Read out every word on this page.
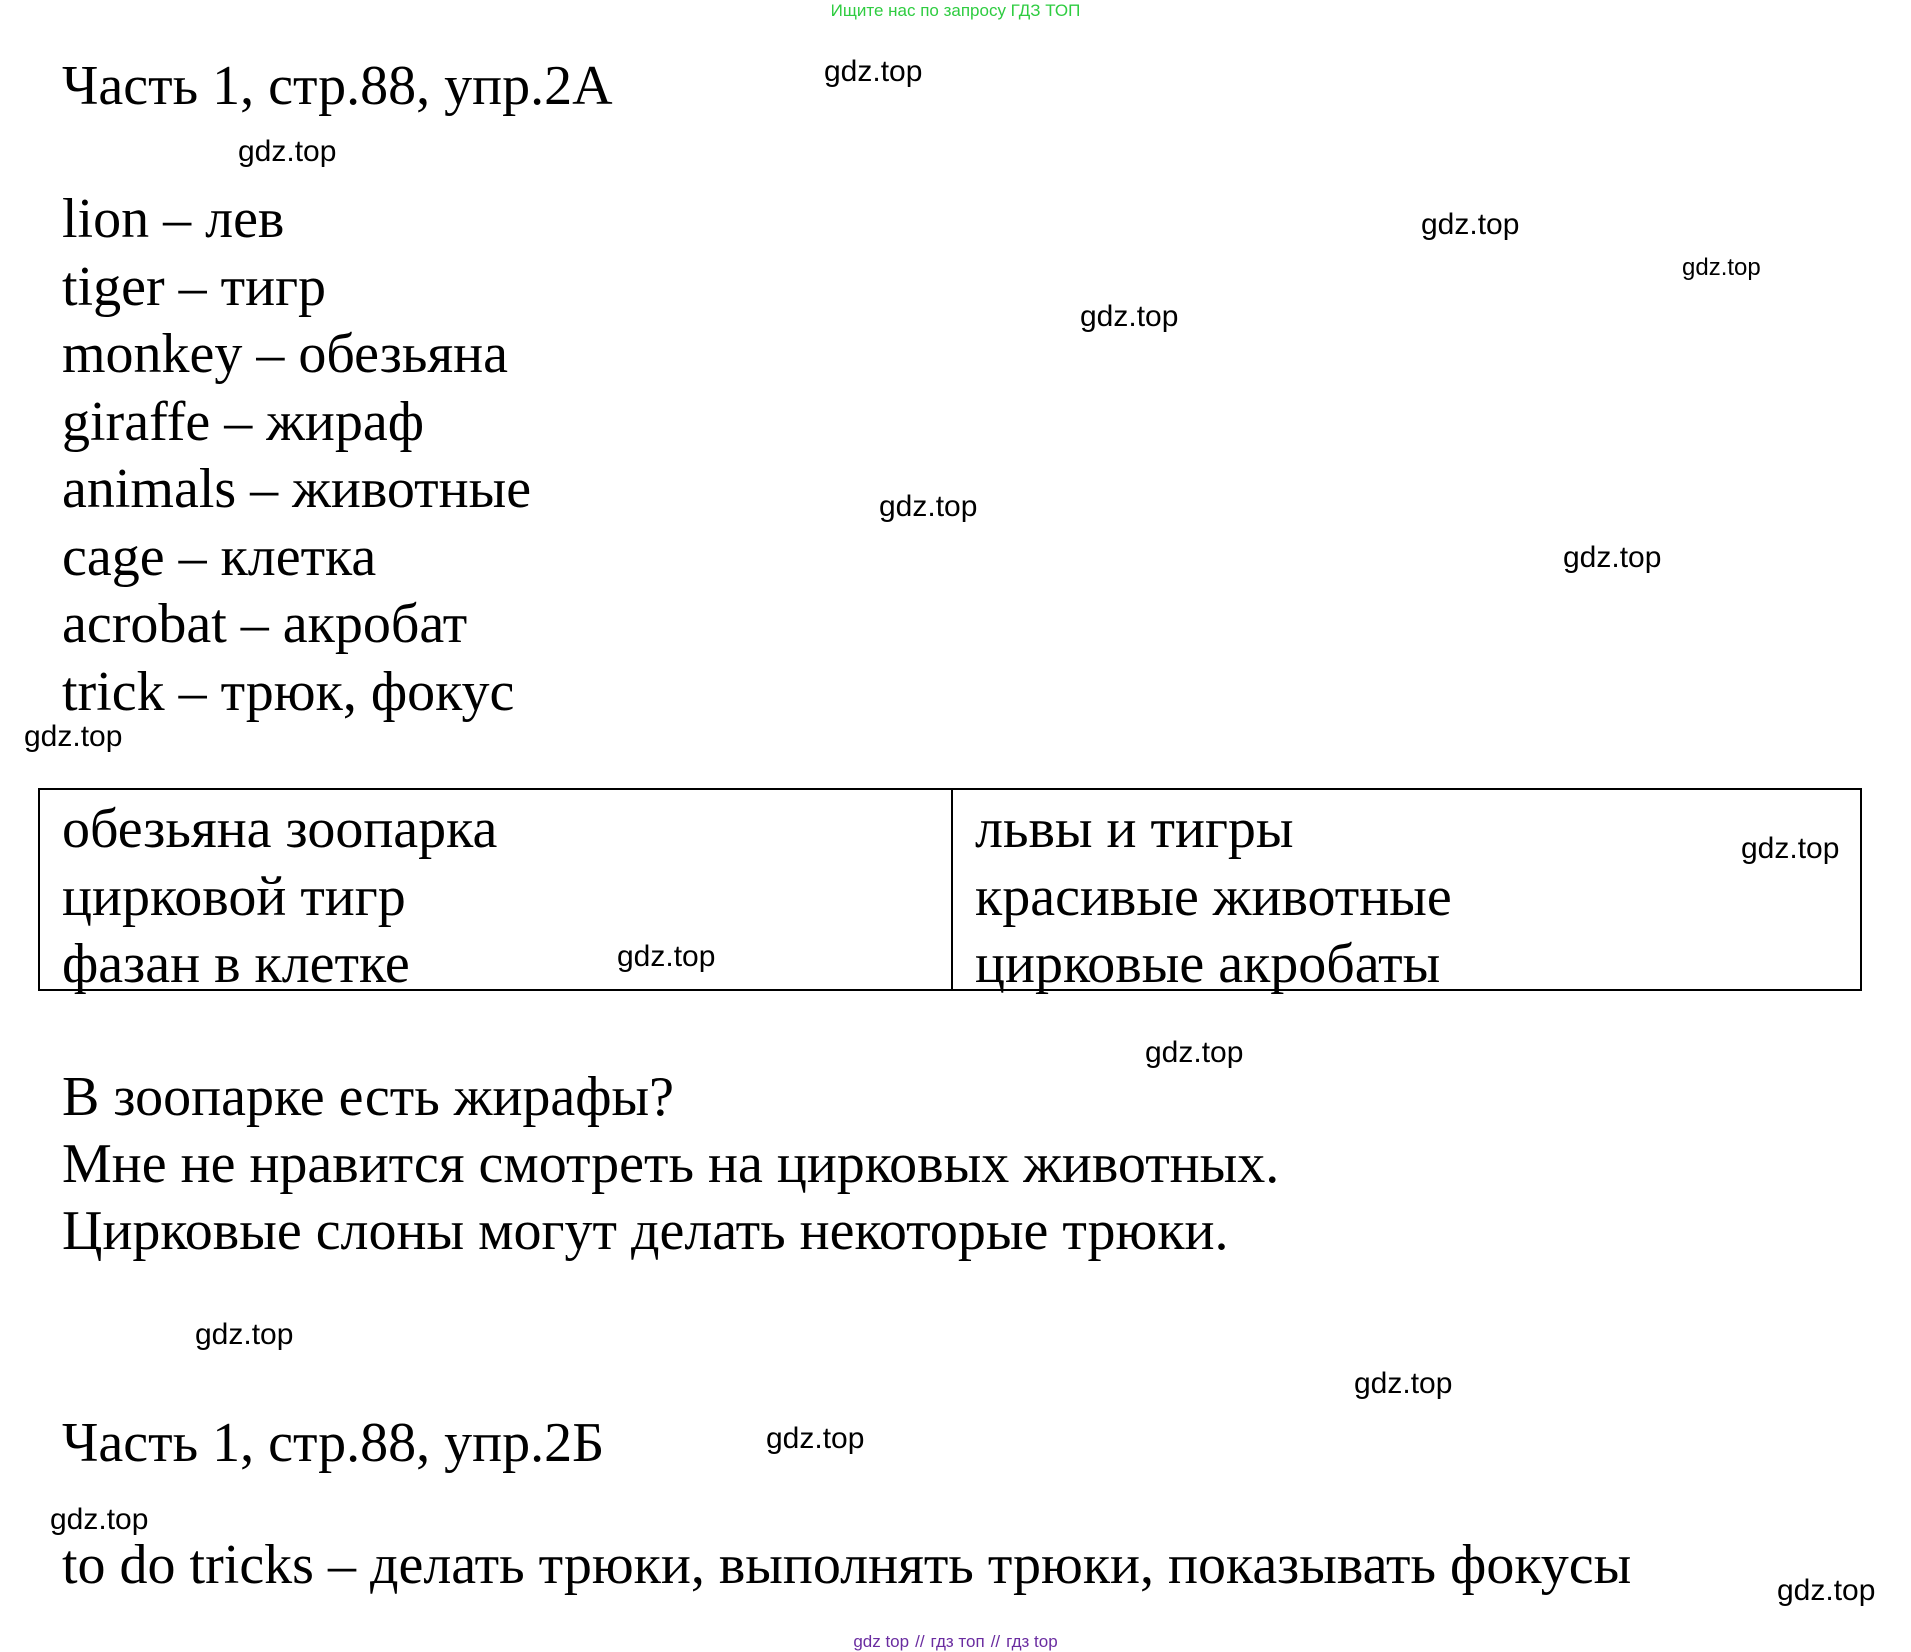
Ищите нас по запросу ГДЗ ТОП
Часть 1, стр.88, упр.2А
lion – лев
tiger – тигр
monkey – обезьяна
giraffe – жираф
animals – животные
cage – клетка
acrobat – акробат
trick – трюк, фокус
обезьяна зоопарка
цирковой тигр
фазан в клетке
львы и тигры
красивые животные
цирковые акробаты
В зоопарке есть жирафы?
Мне не нравится смотреть на цирковых животных.
Цирковые слоны могут делать некоторые трюки.
Часть 1, стр.88, упр.2Б
to do tricks – делать трюки, выполнять трюки, показывать фокусы
gdz.top
gdz.top
gdz.top
gdz.top
gdz.top
gdz.top
gdz.top
gdz.top
gdz.top
gdz.top
gdz.top
gdz.top
gdz.top
gdz.top
gdz.top
gdz.top
gdz top // гдз топ // гдз top
